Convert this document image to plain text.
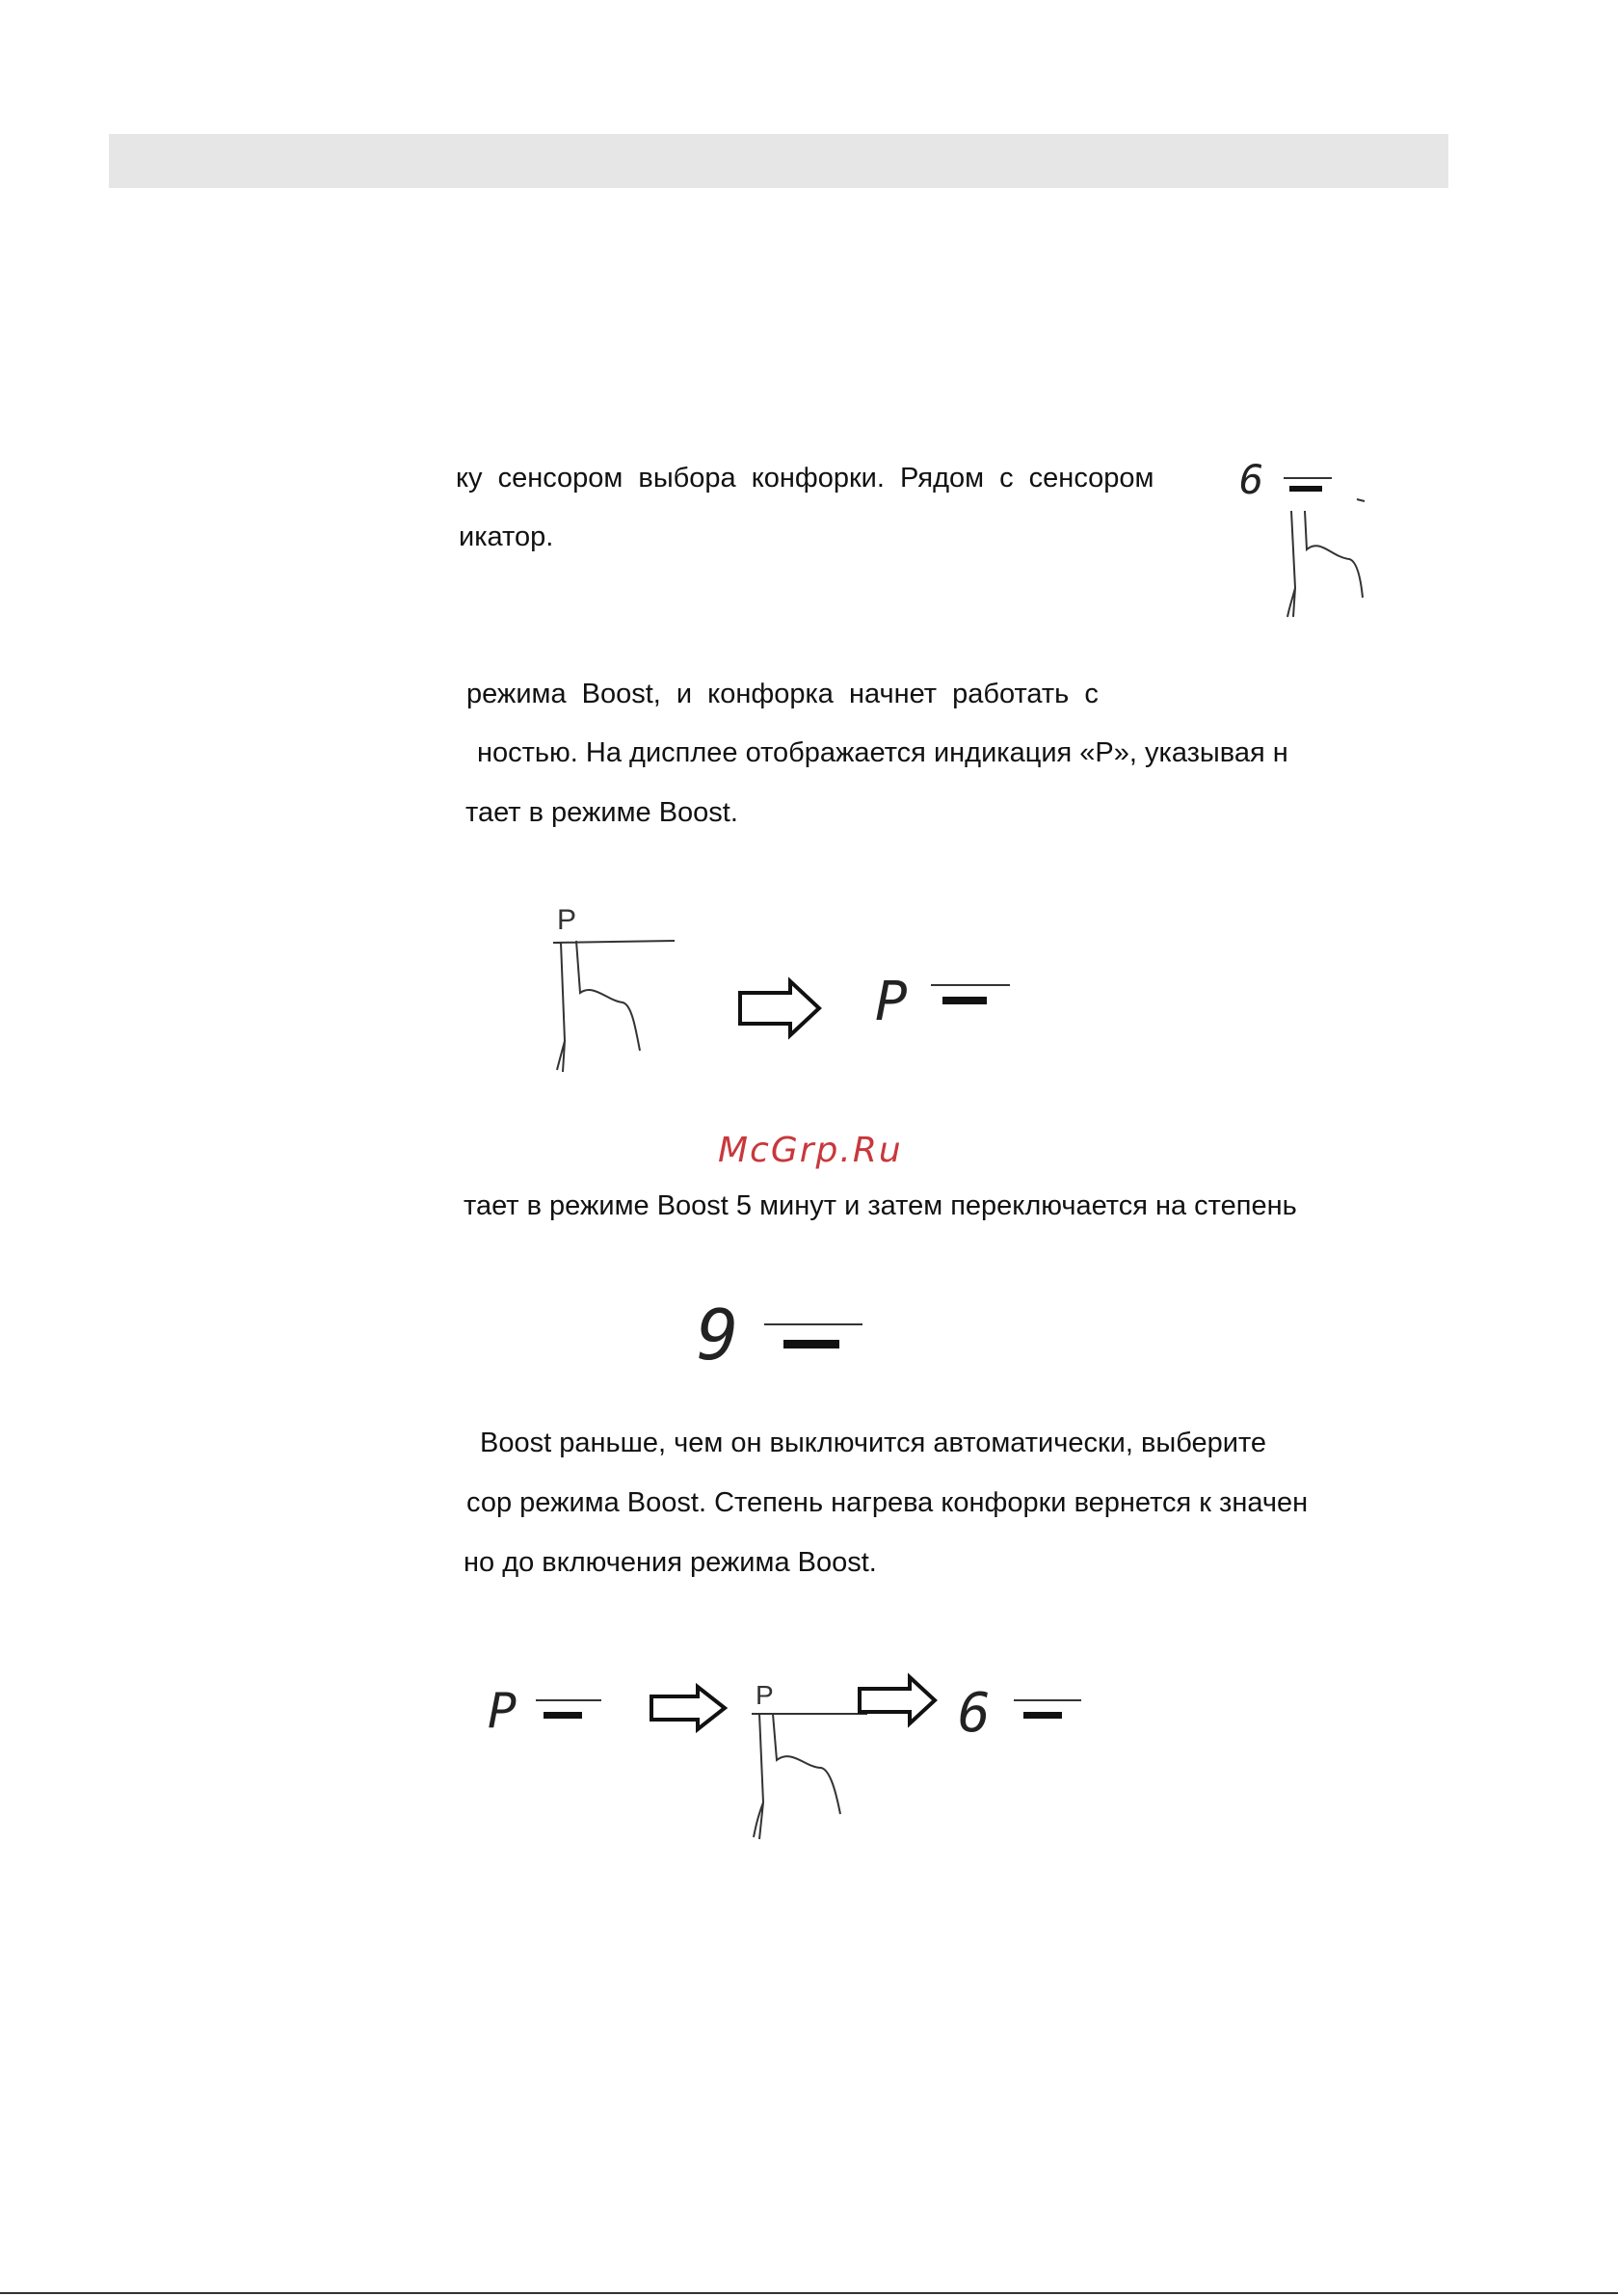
ку сенсором выбора конфорки. Рядом с сенсором
икатор.
6
режима Boost, и конфорка начнет работать с
ностью. На дисплее отображается индикация «P», указывая н
тает в режиме Boost.
P
P
McGrp.Ru
тает в режиме Boost 5 минут и затем переключается на степень
9
Boost раньше, чем он выключится автоматически, выберите
сор режима Boost. Степень нагрева конфорки вернется к значен
но до включения режима Boost.
P	P	6
